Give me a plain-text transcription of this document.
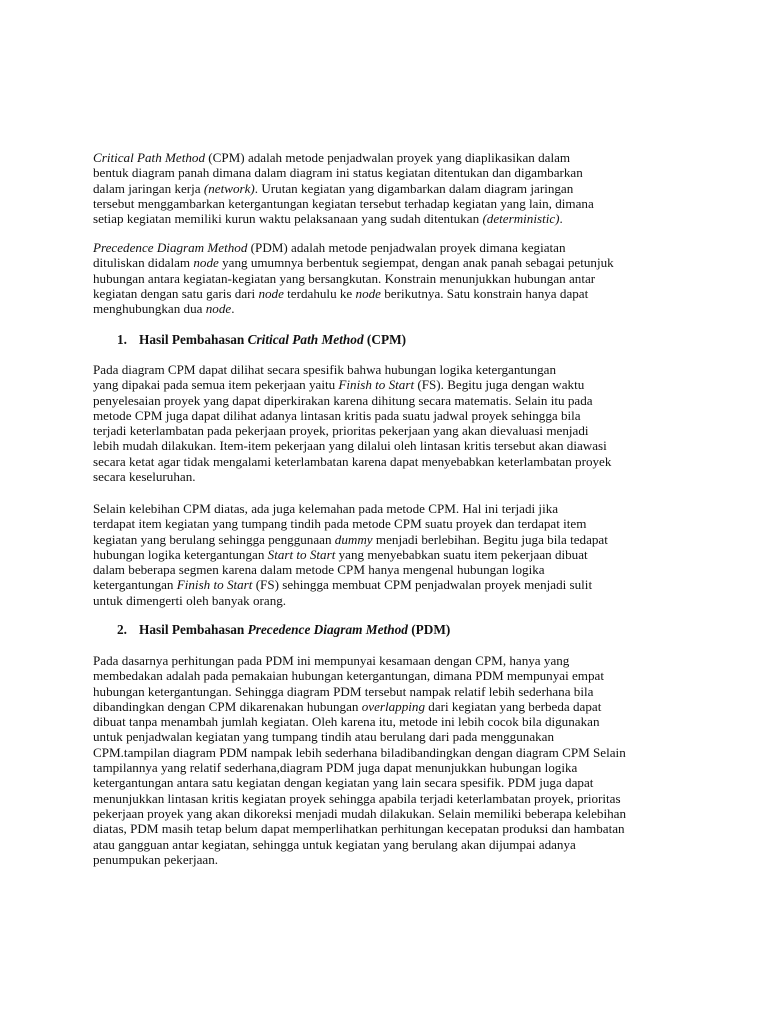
Critical Path Method (CPM) adalah metode penjadwalan proyek yang diaplikasikan dalam
bentuk diagram panah dimana dalam diagram ini status kegiatan ditentukan dan digambarkan
dalam jaringan kerja (network). Urutan kegiatan yang digambarkan dalam diagram jaringan
tersebut menggambarkan ketergantungan kegiatan tersebut terhadap kegiatan yang lain, dimana
setiap kegiatan memiliki kurun waktu pelaksanaan yang sudah ditentukan (deterministic).

Precedence Diagram Method (PDM) adalah metode penjadwalan proyek dimana kegiatan
dituliskan didalam node yang umumnya berbentuk segiempat, dengan anak panah sebagai petunjuk
hubungan antara kegiatan-kegiatan yang bersangkutan. Konstrain menunjukkan hubungan antar
kegiatan dengan satu garis dari node terdahulu ke node berikutnya. Satu konstrain hanya dapat
menghubungkan dua node.

1. Hasil Pembahasan Critical Path Method (CPM)

Pada diagram CPM dapat dilihat secara spesifik bahwa hubungan logika ketergantungan
yang dipakai pada semua item pekerjaan yaitu Finish to Start (FS). Begitu juga dengan waktu
penyelesaian proyek yang dapat diperkirakan karena dihitung secara matematis. Selain itu pada
metode CPM juga dapat dilihat adanya lintasan kritis pada suatu jadwal proyek sehingga bila
terjadi keterlambatan pada pekerjaan proyek, prioritas pekerjaan yang akan dievaluasi menjadi
lebih mudah dilakukan. Item-item pekerjaan yang dilalui oleh lintasan kritis tersebut akan diawasi
secara ketat agar tidak mengalami keterlambatan karena dapat menyebabkan keterlambatan proyek
secara keseluruhan.

Selain kelebihan CPM diatas, ada juga kelemahan pada metode CPM. Hal ini terjadi jika
terdapat item kegiatan yang tumpang tindih pada metode CPM suatu proyek dan terdapat item
kegiatan yang berulang sehingga penggunaan dummy menjadi berlebihan. Begitu juga bila tedapat
hubungan logika ketergantungan Start to Start yang menyebabkan suatu item pekerjaan dibuat
dalam beberapa segmen karena dalam metode CPM hanya mengenal hubungan logika
ketergantungan Finish to Start (FS) sehingga membuat CPM penjadwalan proyek menjadi sulit
untuk dimengerti oleh banyak orang.

2. Hasil Pembahasan Precedence Diagram Method (PDM)

Pada dasarnya perhitungan pada PDM ini mempunyai kesamaan dengan CPM, hanya yang
membedakan adalah pada pemakaian hubungan ketergantungan, dimana PDM mempunyai empat
hubungan ketergantungan. Sehingga diagram PDM tersebut nampak relatif lebih sederhana bila
dibandingkan dengan CPM dikarenakan hubungan overlapping dari kegiatan yang berbeda dapat
dibuat tanpa menambah jumlah kegiatan. Oleh karena itu, metode ini lebih cocok bila digunakan
untuk penjadwalan kegiatan yang tumpang tindih atau berulang dari pada menggunakan
CPM.tampilan diagram PDM nampak lebih sederhana biladibandingkan dengan diagram CPM Selain
tampilannya yang relatif sederhana,diagram PDM juga dapat menunjukkan hubungan logika
ketergantungan antara satu kegiatan dengan kegiatan yang lain secara spesifik. PDM juga dapat
menunjukkan lintasan kritis kegiatan proyek sehingga apabila terjadi keterlambatan proyek, prioritas
pekerjaan proyek yang akan dikoreksi menjadi mudah dilakukan. Selain memiliki beberapa kelebihan
diatas, PDM masih tetap belum dapat memperlihatkan perhitungan kecepatan produksi dan hambatan
atau gangguan antar kegiatan, sehingga untuk kegiatan yang berulang akan dijumpai adanya
penumpukan pekerjaan.
